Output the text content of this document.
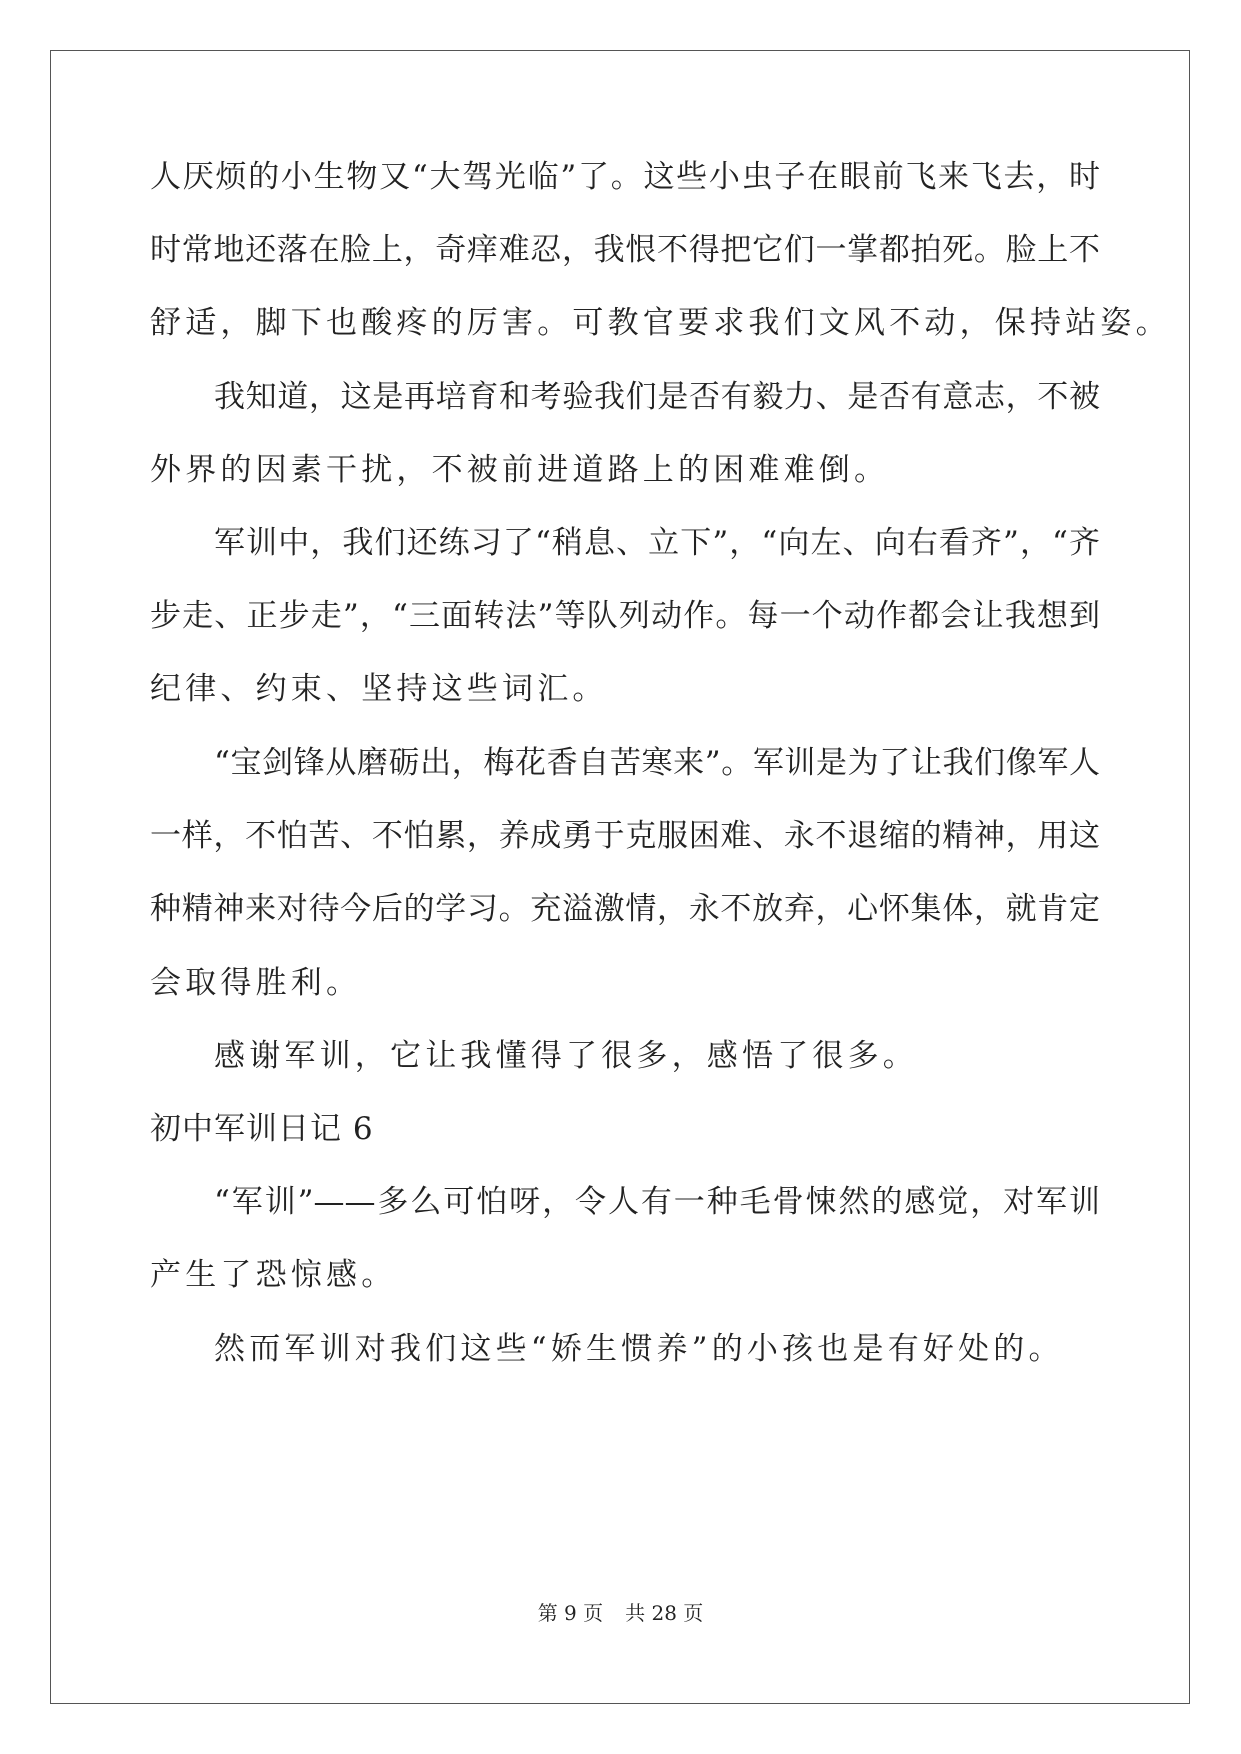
人厌烦的小生物又“大驾光临”了。这些小虫子在眼前飞来飞去，时
时常地还落在脸上，奇痒难忍，我恨不得把它们一掌都拍死。脸上不
舒适，脚下也酸疼的厉害。可教官要求我们文风不动，保持站姿。
我知道，这是再培育和考验我们是否有毅力、是否有意志，不被
外界的因素干扰，不被前进道路上的困难难倒。
军训中，我们还练习了“稍息、立下”，“向左、向右看齐”，“齐
步走、正步走”，“三面转法”等队列动作。每一个动作都会让我想到
纪律、约束、坚持这些词汇。
“宝剑锋从磨砺出，梅花香自苦寒来”。军训是为了让我们像军人
一样，不怕苦、不怕累，养成勇于克服困难、永不退缩的精神，用这
种精神来对待今后的学习。充溢激情，永不放弃，心怀集体，就肯定
会取得胜利。
感谢军训，它让我懂得了很多，感悟了很多。
初中军训日记 6
“军训”——多么可怕呀，令人有一种毛骨悚然的感觉，对军训
产生了恐惊感。
然而军训对我们这些“娇生惯养”的小孩也是有好处的。
第 9 页 共 28 页
